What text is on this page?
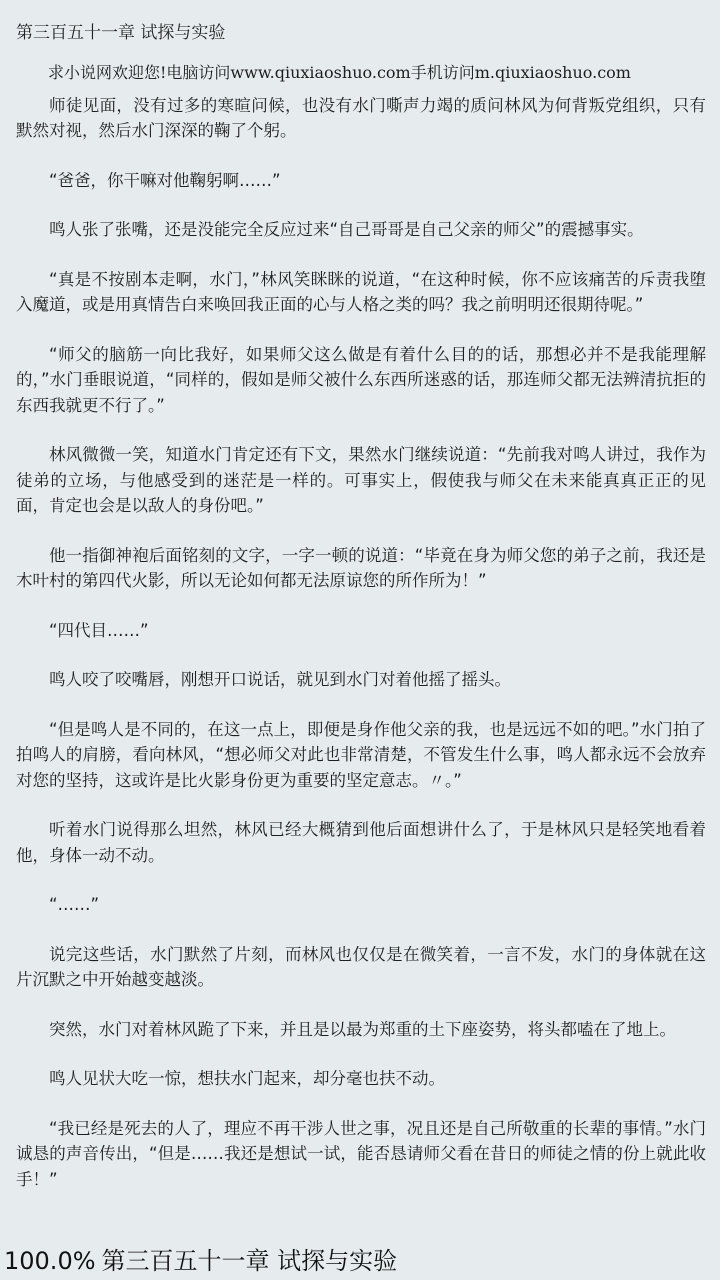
第三百五十一章 试探与实验

求小说网欢迎您!电脑访问www.qiuxiaoshuo.com手机访问m.qiuxiaoshuo.com

师徒见面，没有过多的寒暄问候，也没有水门嘶声力竭的质问林风为何背叛党组织，只有默然对视，然后水门深深的鞠了个躬。

“爸爸，你干嘛对他鞠躬啊……”

鸣人张了张嘴，还是没能完全反应过来“自己哥哥是自己父亲的师父”的震撼事实。

“真是不按剧本走啊，水门，”林风笑眯眯的说道，“在这种时候，你不应该痛苦的斥责我堕入魔道，或是用真情告白来唤回我正面的心与人格之类的吗？我之前明明还很期待呢。”

“师父的脑筋一向比我好，如果师父这么做是有着什么目的的话，那想必并不是我能理解的，”水门垂眼说道，“同样的，假如是师父被什么东西所迷惑的话，那连师父都无法辨清抗拒的东西我就更不行了。”

林风微微一笑，知道水门肯定还有下文，果然水门继续说道：“先前我对鸣人讲过，我作为徒弟的立场，与他感受到的迷茫是一样的。可事实上，假使我与师父在未来能真真正正的见面，肯定也会是以敌人的身份吧。”

他一指御神袍后面铭刻的文字，一字一顿的说道：“毕竟在身为师父您的弟子之前，我还是木叶村的第四代火影，所以无论如何都无法原谅您的所作所为！”

“四代目……”

鸣人咬了咬嘴唇，刚想开口说话，就见到水门对着他摇了摇头。

“但是鸣人是不同的，在这一点上，即便是身作他父亲的我，也是远远不如的吧。”水门拍了拍鸣人的肩膀，看向林风，“想必师父对此也非常清楚，不管发生什么事，鸣人都永远不会放弃对您的坚持，这或许是比火影身份更为重要的坚定意志。〃。”

听着水门说得那么坦然，林风已经大概猜到他后面想讲什么了，于是林风只是轻笑地看着他，身体一动不动。

“……”

说完这些话，水门默然了片刻，而林风也仅仅是在微笑着，一言不发，水门的身体就在这片沉默之中开始越变越淡。

突然，水门对着林风跪了下来，并且是以最为郑重的土下座姿势，将头都嗑在了地上。

鸣人见状大吃一惊，想扶水门起来，却分毫也扶不动。

“我已经是死去的人了，理应不再干涉人世之事，况且还是自己所敬重的长辈的事情。”水门诚恳的声音传出，“但是……我还是想试一试，能否恳请师父看在昔日的师徒之情的份上就此收手！”

100.0% 第三百五十一章 试探与实验
